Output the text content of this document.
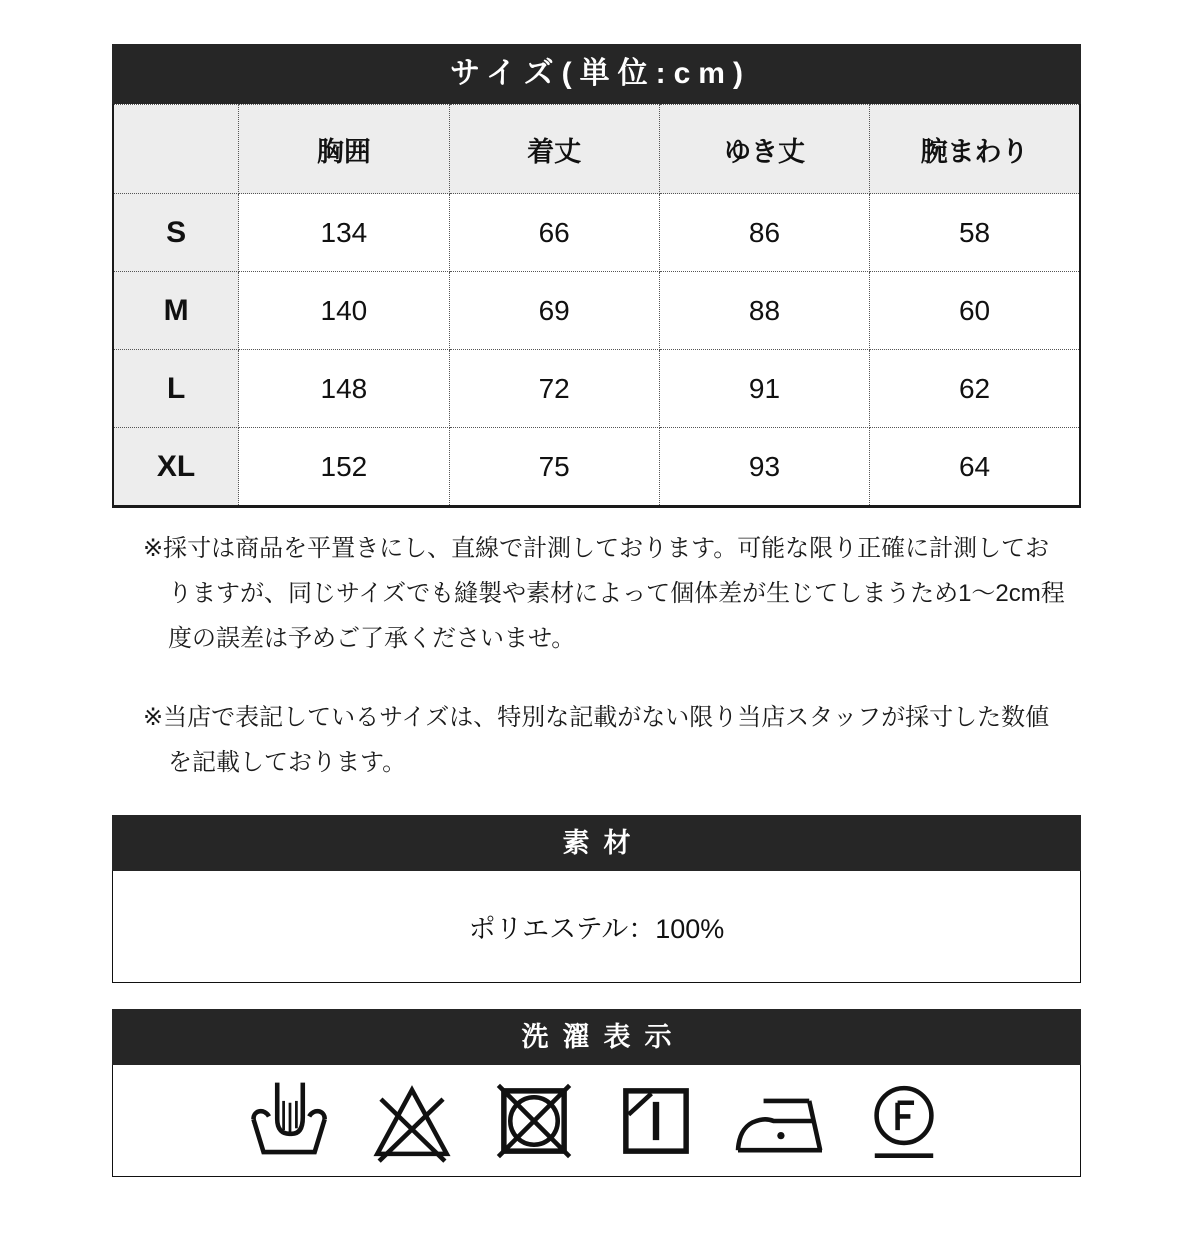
サイズ(単位:cm)
	胸囲	着丈	ゆき丈	腕まわり
S	134	66	86	58
M	140	69	88	60
L	148	72	91	62
XL	152	75	93	64

※採寸は商品を平置きにし、直線で計測しております。可能な限り正確に計測しておりますが、同じサイズでも縫製や素材によって個体差が生じてしまうため1〜2cm程度の誤差は予めご了承くださいませ。

※当店で表記しているサイズは、特別な記載がない限り当店スタッフが採寸した数値を記載しております。

素材
ポリエステル：100%
洗濯表示
